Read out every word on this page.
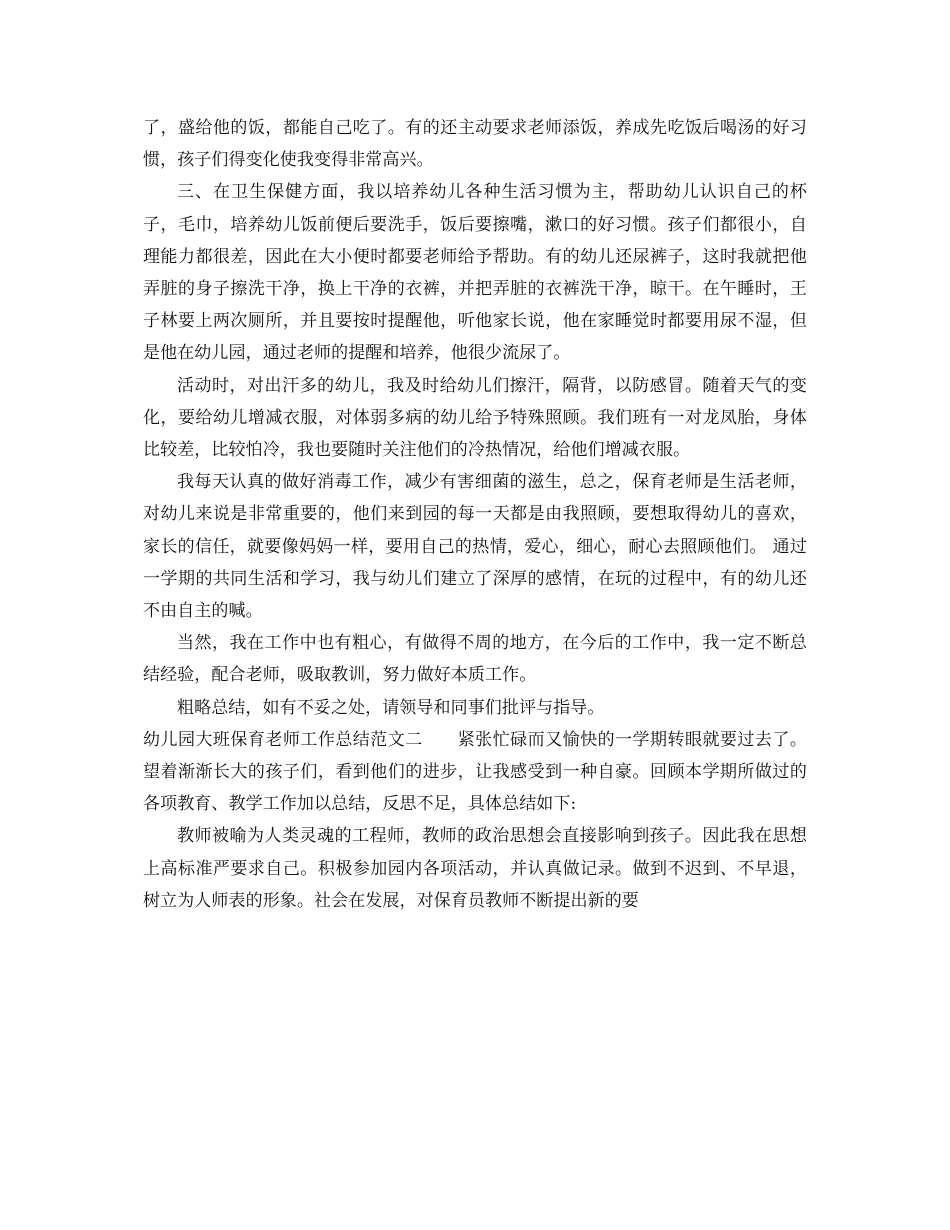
了，盛给他的饭，都能自己吃了。有的还主动要求老师添饭，养成先吃饭后喝汤的好习惯，孩子们得变化使我变得非常高兴。

三、在卫生保健方面，我以培养幼儿各种生活习惯为主，帮助幼儿认识自己的杯子，毛巾，培养幼儿饭前便后要洗手，饭后要擦嘴，漱口的好习惯。孩子们都很小，自理能力都很差，因此在大小便时都要老师给予帮助。有的幼儿还尿裤子，这时我就把他弄脏的身子擦洗干净，换上干净的衣裤，并把弄脏的衣裤洗干净，晾干。在午睡时，王子林要上两次厕所，并且要按时提醒他，听他家长说，他在家睡觉时都要用尿不湿，但是他在幼儿园，通过老师的提醒和培养，他很少流尿了。

活动时，对出汗多的幼儿，我及时给幼儿们擦汗，隔背，以防感冒。随着天气的变化，要给幼儿增减衣服，对体弱多病的幼儿给予特殊照顾。我们班有一对龙凤胎，身体比较差，比较怕冷，我也要随时关注他们的冷热情况，给他们增减衣服。

我每天认真的做好消毒工作，减少有害细菌的滋生，总之，保育老师是生活老师，对幼儿来说是非常重要的，他们来到园的每一天都是由我照顾，要想取得幼儿的喜欢，家长的信任，就要像妈妈一样，要用自己的热情，爱心，细心，耐心去照顾他们。 通过一学期的共同生活和学习，我与幼儿们建立了深厚的感情，在玩的过程中，有的幼儿还不由自主的喊。

当然，我在工作中也有粗心，有做得不周的地方，在今后的工作中，我一定不断总结经验，配合老师，吸取教训，努力做好本质工作。

粗略总结，如有不妥之处，请领导和同事们批评与指导。

幼儿园大班保育老师工作总结范文二　　紧张忙碌而又愉快的一学期转眼就要过去了。望着渐渐长大的孩子们，看到他们的进步，让我感受到一种自豪。回顾本学期所做过的各项教育、教学工作加以总结，反思不足，具体总结如下:

教师被喻为人类灵魂的工程师，教师的政治思想会直接影响到孩子。因此我在思想上高标准严要求自己。积极参加园内各项活动，并认真做记录。做到不迟到、不早退，树立为人师表的形象。社会在发展，对保育员教师不断提出新的要
